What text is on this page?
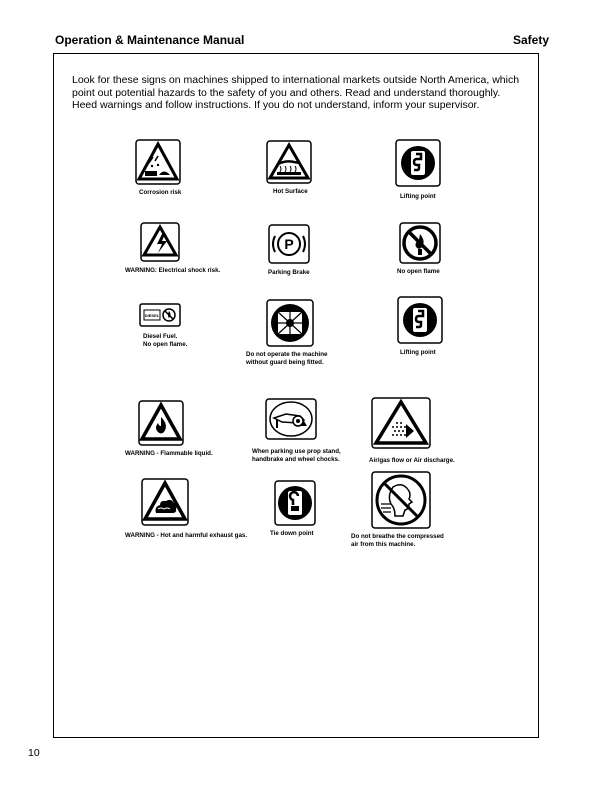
Operation & Maintenance Manual	Safety
Look for these signs on machines shipped to international markets outside North America, which point out potential hazards to the safety of you and others. Read and understand thoroughly. Heed warnings and follow instructions. If you do not understand, inform your supervisor.
Corrosion risk	Hot Surface
Lifting point
WARNING: Electrical shock risk.
P
Parking Brake	No open flame
DIESEL
Diesel Fuel.
No open flame.
Do not operate the machine
without guard being fitted.
Lifting point
WARNING - Flammable liquid.	When parking use prop stand,
handbrake and wheel chocks.	Air/gas flow or Air discharge.
WARNING - Hot and harmful exhaust gas.	Tie down point	Do not breathe the compressed
air from this machine.
10
